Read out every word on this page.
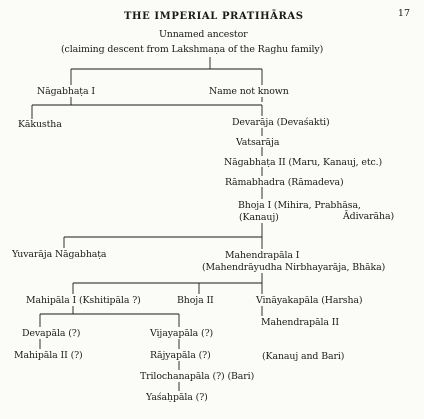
17
THE IMPERIAL PRATIHĀRAS
Unnamed ancestor
(claiming descent from Lakshmaṇa of the Raghu family)
Nāgabhaṭa I	Name not known
Kākustha	Devarāja (Devaśakti)
Vatsarāja
Nāgabhaṭa II (Maru, Kanauj, etc.)
Rāmabhadra (Rāmadeva)
Bhoja I (Mihira, Prabhāsa,
(Kanauj)	Ādivarāha)
Yuvarāja Nāgabhaṭa	Mahendrapāla I
(Mahendrāyudha Nirbhayarāja, Bhāka)
Mahipāla I (Kshitipāla ?)	Bhoja II	Vināyakapāla (Harsha)
Mahendrapāla II
Devapāla (?)	Vijayapāla (?)
Mahipāla II (?)	Rājyapāla (?)	(Kanauj and Bari)
Trilochanapāla (?) (Bari)
Yaśaḥpāla (?)
